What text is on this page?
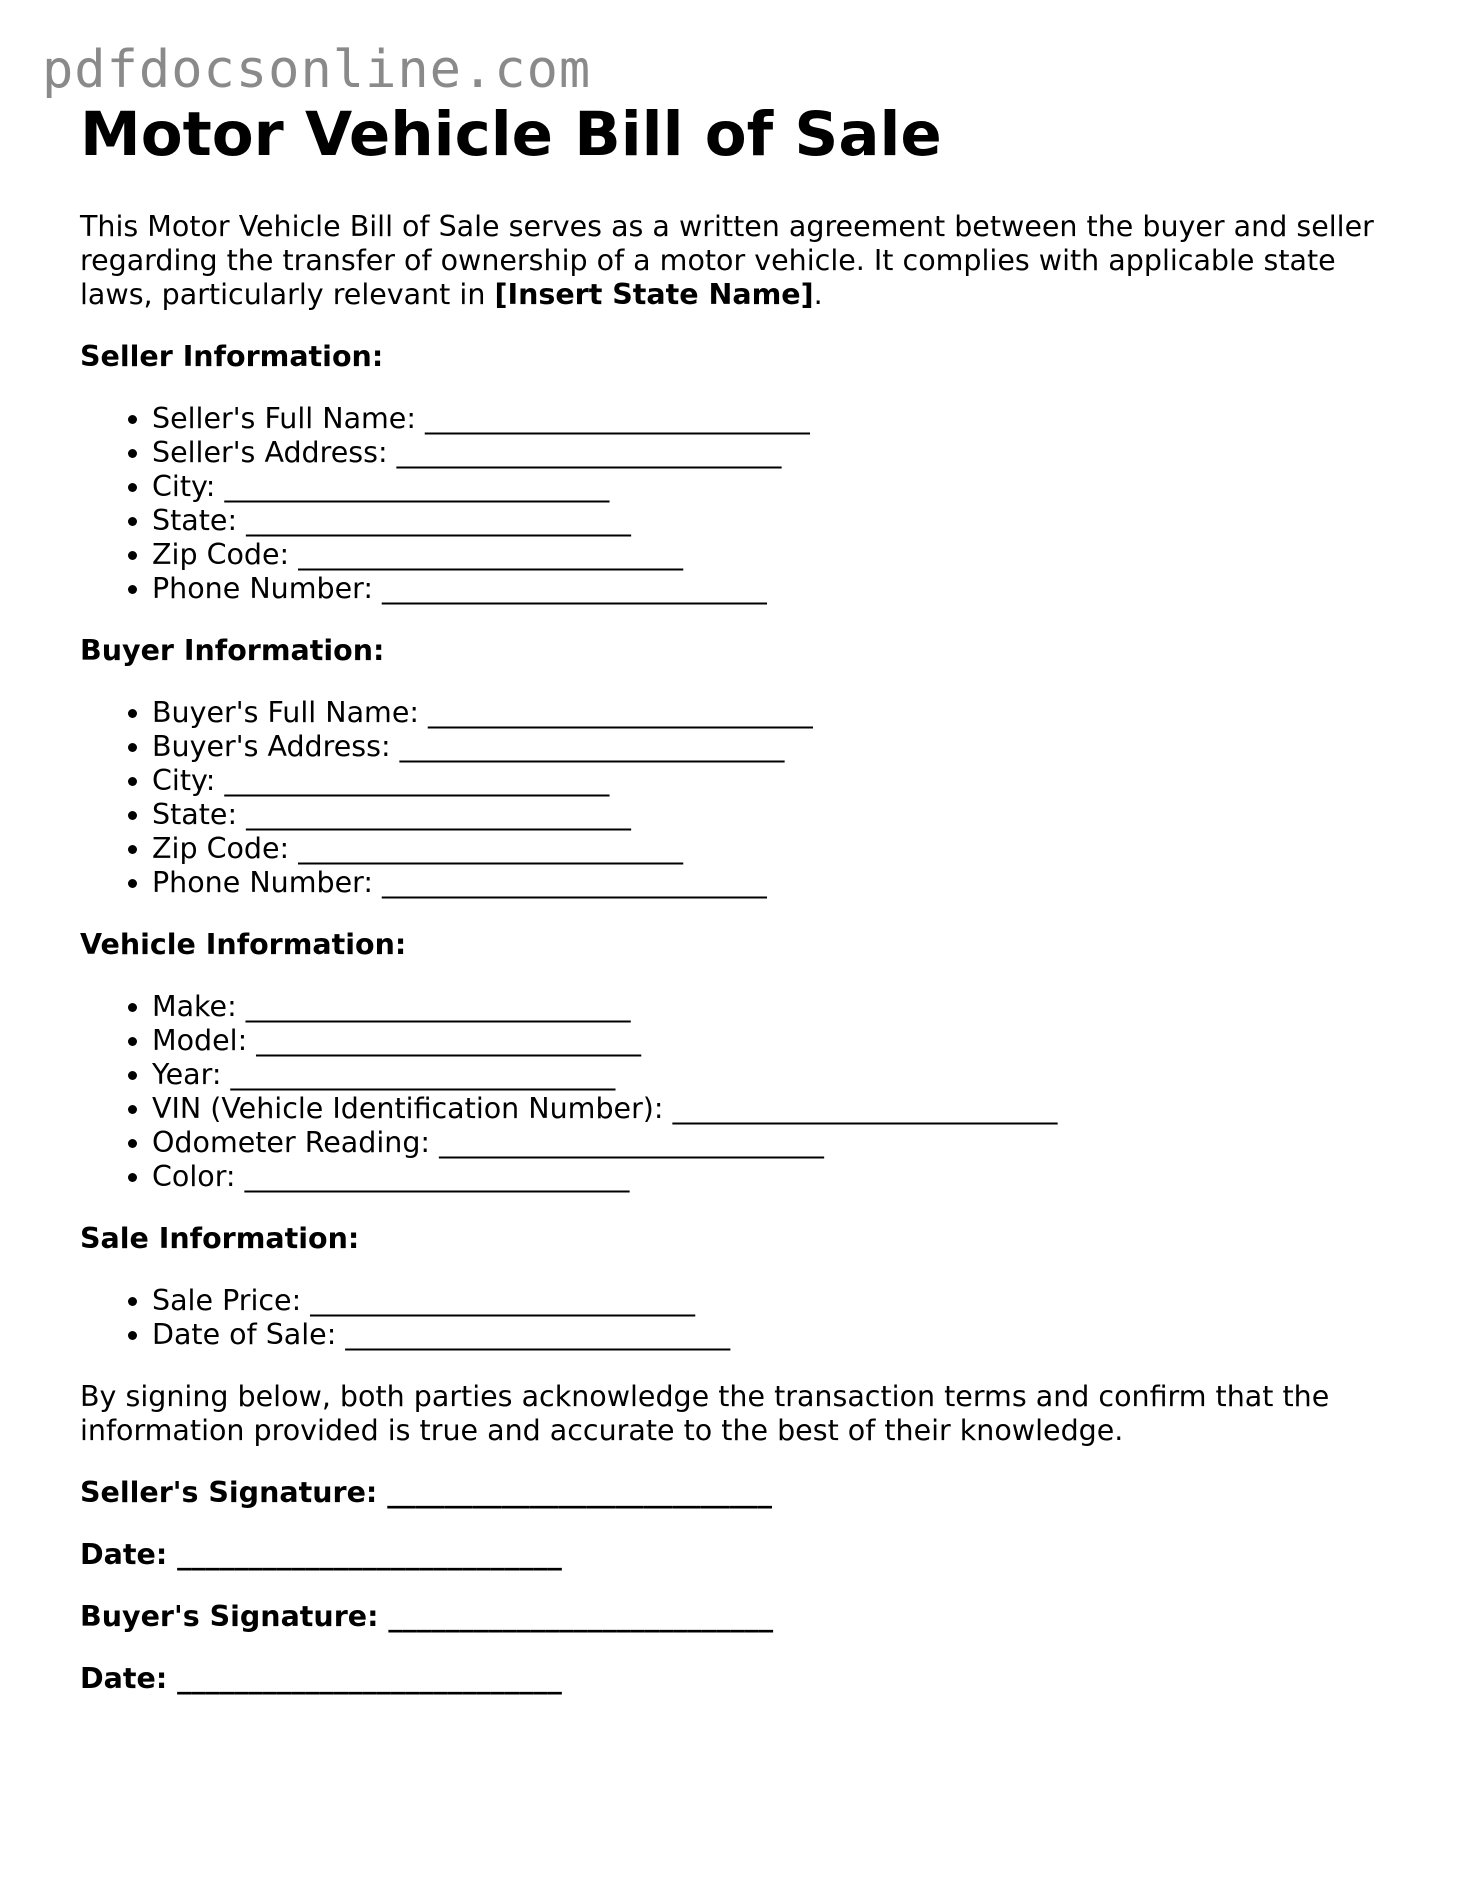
pdfdocsonline.com
Motor Vehicle Bill of Sale

This Motor Vehicle Bill of Sale serves as a written agreement between the buyer and seller regarding the transfer of ownership of a motor vehicle. It complies with applicable state laws, particularly relevant in [Insert State Name].

Seller Information:

• Seller's Full Name: ___________________________
• Seller's Address: ___________________________
• City: ___________________________
• State: ___________________________
• Zip Code: ___________________________
• Phone Number: ___________________________

Buyer Information:

• Buyer's Full Name: ___________________________
• Buyer's Address: ___________________________
• City: ___________________________
• State: ___________________________
• Zip Code: ___________________________
• Phone Number: ___________________________

Vehicle Information:

• Make: ___________________________
• Model: ___________________________
• Year: ___________________________
• VIN (Vehicle Identification Number): ___________________________
• Odometer Reading: ___________________________
• Color: ___________________________

Sale Information:

• Sale Price: ___________________________
• Date of Sale: ___________________________

By signing below, both parties acknowledge the transaction terms and confirm that the information provided is true and accurate to the best of their knowledge.

Seller's Signature: ___________________________

Date: ___________________________

Buyer's Signature: ___________________________

Date: ___________________________
